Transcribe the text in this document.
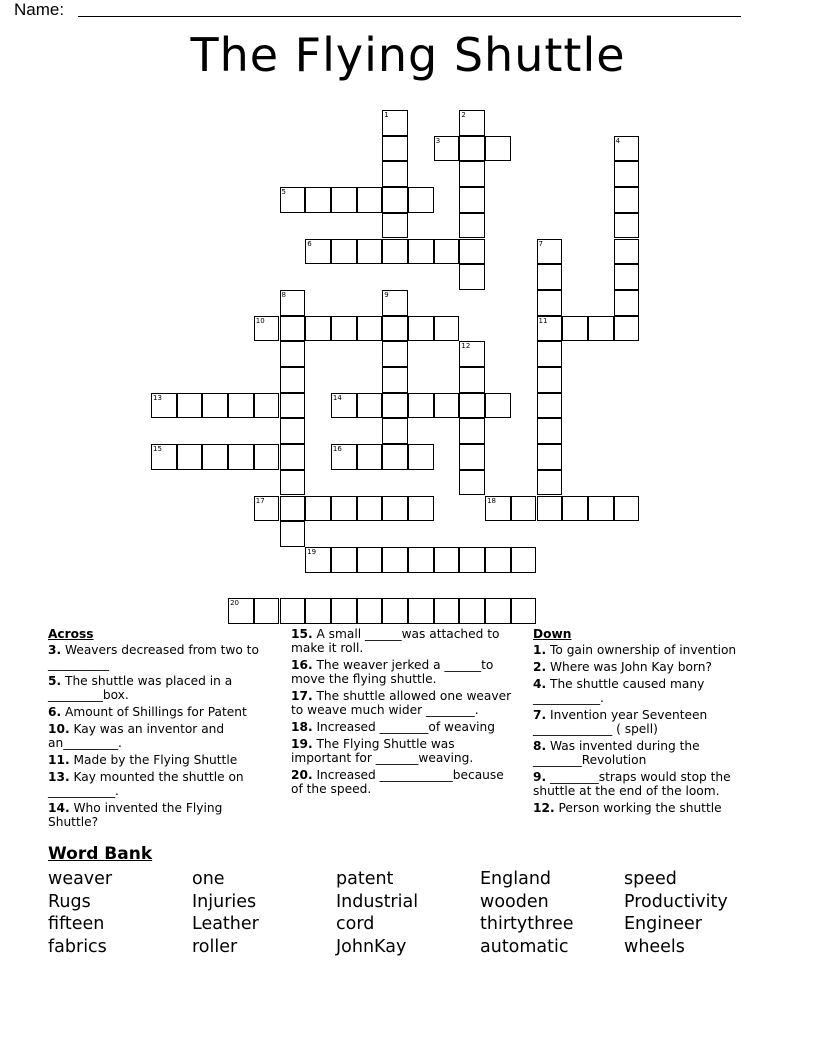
Name:
The Flying Shuttle
1	2
3	4
5
6	7
11
8	9
10
12
13	14
15	16
17	18
19
20
Across
3. Weavers decreased from two to __________
5. The shuttle was placed in a _________box.
6. Amount of Shillings for Patent
10. Kay was an inventor and an_________.
11. Made by the Flying Shuttle
13. Kay mounted the shuttle on ___________.
14. Who invented the Flying Shuttle?
15. A small ______was attached to make it roll.
16. The weaver jerked a ______to move the flying shuttle.
17. The shuttle allowed one weaver to weave much wider ________.
18. Increased ________of weaving
19. The Flying Shuttle was important for _______weaving.
20. Increased ____________because of the speed.
Down
1. To gain ownership of invention
2. Where was John Kay born?
4. The shuttle caused many ___________.
7. Invention year Seventeen _____________ ( spell)
8. Was invented during the ________Revolution
9. ________straps would stop the shuttle at the end of the loom.
12. Person working the shuttle
Word Bank
weaver	one	patent	England	speed
Rugs	Injuries	Industrial	wooden	Productivity
fifteen	Leather	cord	thirtythree	Engineer
fabrics	roller	JohnKay	automatic	wheels
